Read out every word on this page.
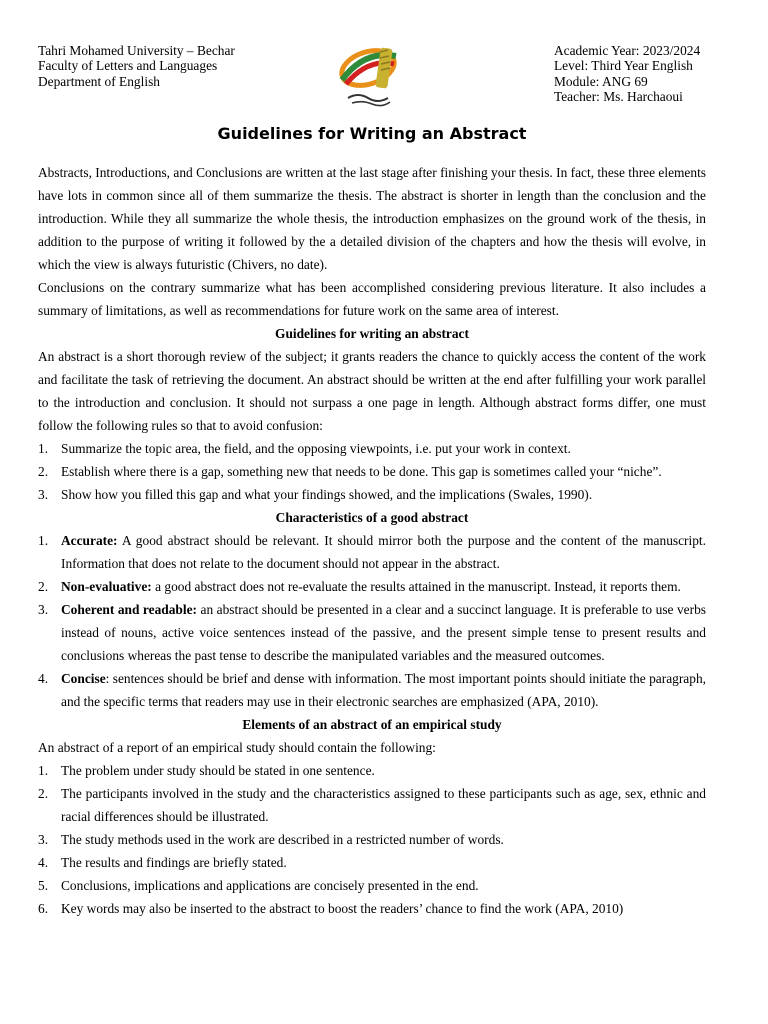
Tahri Mohamed University – Bechar
Faculty of Letters and Languages
Department of English
Academic Year: 2023/2024
Level: Third Year English
Module: ANG 69
Teacher: Ms. Harchaoui
Guidelines for Writing an Abstract

Abstracts, Introductions, and Conclusions are written at the last stage after finishing your thesis. In fact, these three elements have lots in common since all of them summarize the thesis. The abstract is shorter in length than the conclusion and the introduction. While they all summarize the whole thesis, the introduction emphasizes on the ground work of the thesis, in addition to the purpose of writing it followed by the a detailed division of the chapters and how the thesis will evolve, in which the view is always futuristic (Chivers, no date).

Conclusions on the contrary summarize what has been accomplished considering previous literature. It also includes a summary of limitations, as well as recommendations for future work on the same area of interest.

Guidelines for writing an abstract

An abstract is a short thorough review of the subject; it grants readers the chance to quickly access the content of the work and facilitate the task of retrieving the document. An abstract should be written at the end after fulfilling your work parallel to the introduction and conclusion. It should not surpass a one page in length. Although abstract forms differ, one must follow the following rules so that to avoid confusion:

1. Summarize the topic area, the field, and the opposing viewpoints, i.e. put your work in context.
2. Establish where there is a gap, something new that needs to be done. This gap is sometimes called your “niche”.
3. Show how you filled this gap and what your findings showed, and the implications (Swales, 1990).

Characteristics of a good abstract

1. Accurate: A good abstract should be relevant. It should mirror both the purpose and the content of the manuscript. Information that does not relate to the document should not appear in the abstract.
2. Non-evaluative: a good abstract does not re-evaluate the results attained in the manuscript. Instead, it reports them.
3. Coherent and readable: an abstract should be presented in a clear and a succinct language. It is preferable to use verbs instead of nouns, active voice sentences instead of the passive, and the present simple tense to present results and conclusions whereas the past tense to describe the manipulated variables and the measured outcomes.
4. Concise: sentences should be brief and dense with information. The most important points should initiate the paragraph, and the specific terms that readers may use in their electronic searches are emphasized (APA, 2010).

Elements of an abstract of an empirical study

An abstract of a report of an empirical study should contain the following:

1. The problem under study should be stated in one sentence.
2. The participants involved in the study and the characteristics assigned to these participants such as age, sex, ethnic and racial differences should be illustrated.
3. The study methods used in the work are described in a restricted number of words.
4. The results and findings are briefly stated.
5. Conclusions, implications and applications are concisely presented in the end.
6. Key words may also be inserted to the abstract to boost the readers’ chance to find the work (APA, 2010)
